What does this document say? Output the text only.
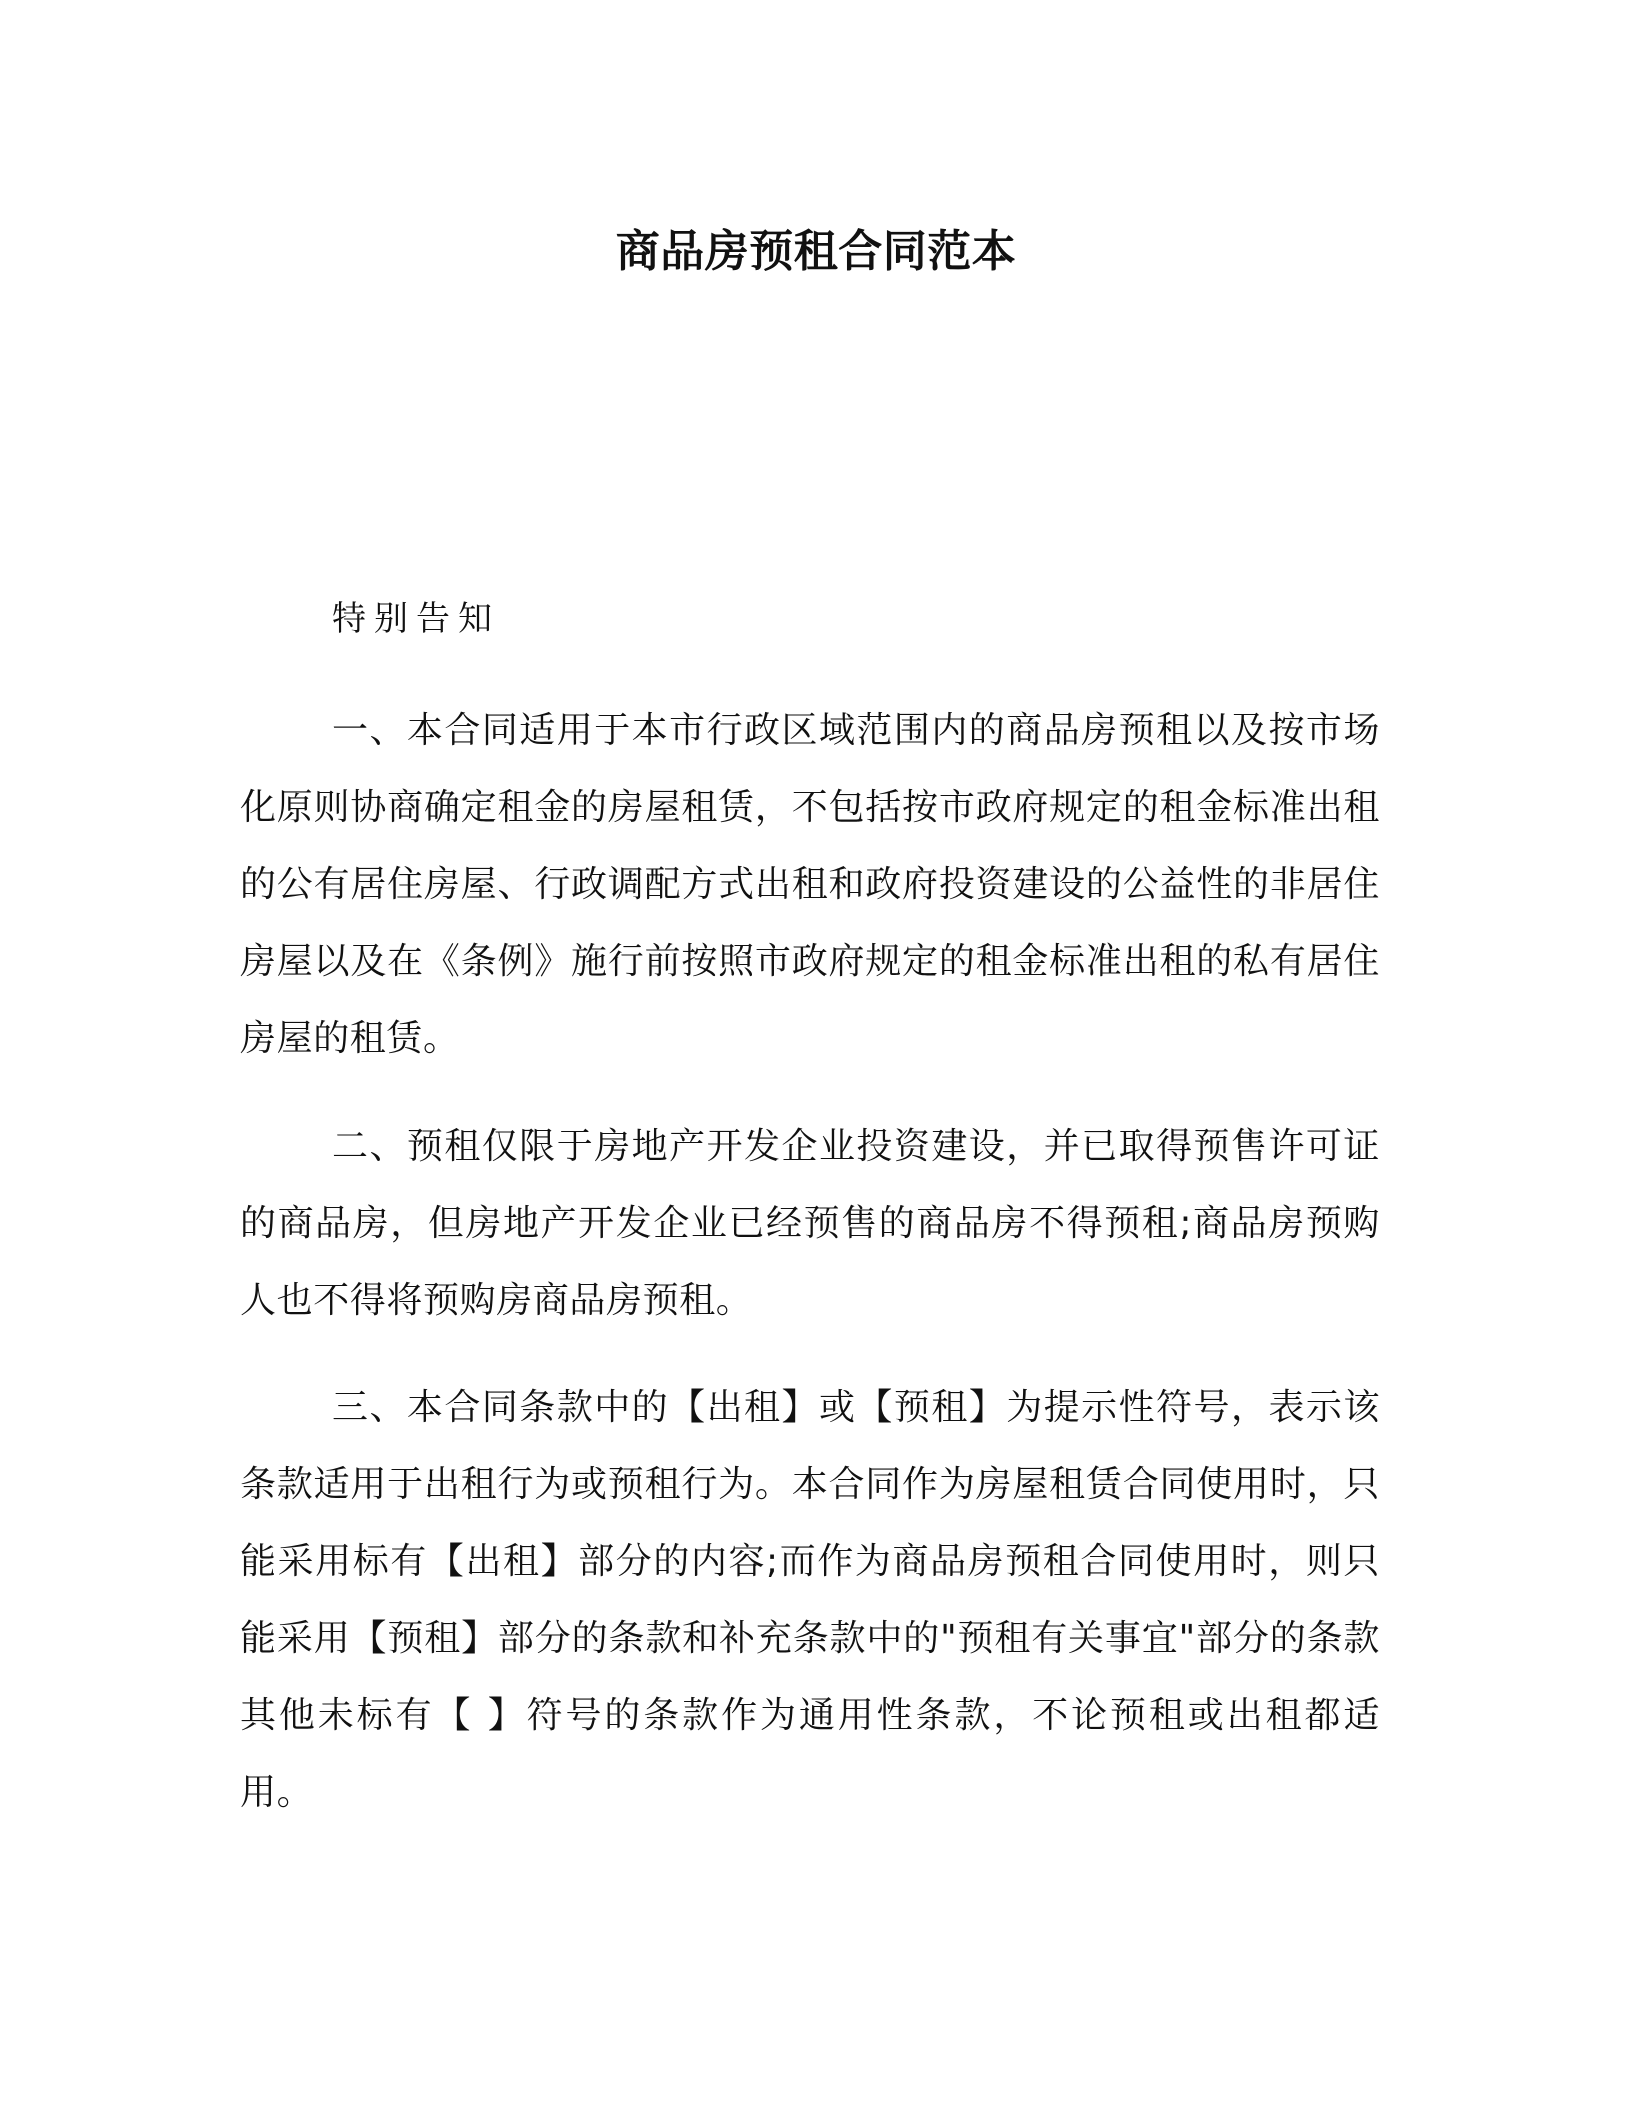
商品房预租合同范本
特别告知

一、本合同适用于本市行政区域范围内的商品房预租以及按市场化原则协商确定租金的房屋租赁，不包括按市政府规定的租金标准出租的公有居住房屋、行政调配方式出租和政府投资建设的公益性的非居住房屋以及在《条例》施行前按照市政府规定的租金标准出租的私有居住房屋的租赁。

二、预租仅限于房地产开发企业投资建设，并已取得预售许可证的商品房，但房地产开发企业已经预售的商品房不得预租;商品房预购人也不得将预购房商品房预租。

三、本合同条款中的【出租】或【预租】为提示性符号，表示该条款适用于出租行为或预租行为。本合同作为房屋租赁合同使用时，只能采用标有【出租】部分的内容;而作为商品房预租合同使用时，则只能采用【预租】部分的条款和补充条款中的"预租有关事宜"部分的条款其他未标有【 】符号的条款作为通用性条款，不论预租或出租都适用。
